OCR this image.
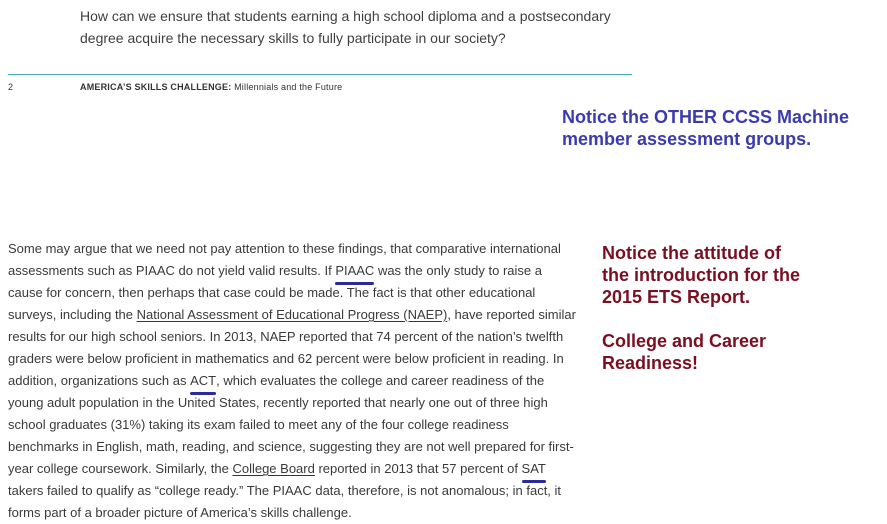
How can we ensure that students earning a high school diploma and a postsecondary degree acquire the necessary skills to fully participate in our society?
2	AMERICA’S SKILLS CHALLENGE: Millennials and the Future
Notice the OTHER CCSS Machine member assessment groups.
Some may argue that we need not pay attention to these findings, that comparative international assessments such as PIAAC do not yield valid results. If PIAAC was the only study to raise a cause for concern, then perhaps that case could be made. The fact is that other educational surveys, including the National Assessment of Educational Progress (NAEP), have reported similar results for our high school seniors. In 2013, NAEP reported that 74 percent of the nation’s twelfth graders were below proficient in mathematics and 62 percent were below proficient in reading. In addition, organizations such as ACT, which evaluates the college and career readiness of the young adult population in the United States, recently reported that nearly one out of three high school graduates (31%) taking its exam failed to meet any of the four college readiness benchmarks in English, math, reading, and science, suggesting they are not well prepared for first-year college coursework. Similarly, the College Board reported in 2013 that 57 percent of SAT takers failed to qualify as “college ready.” The PIAAC data, therefore, is not anomalous; in fact, it forms part of a broader picture of America’s skills challenge.
Notice the attitude of the introduction for the 2015 ETS Report.
College and Career Readiness!
